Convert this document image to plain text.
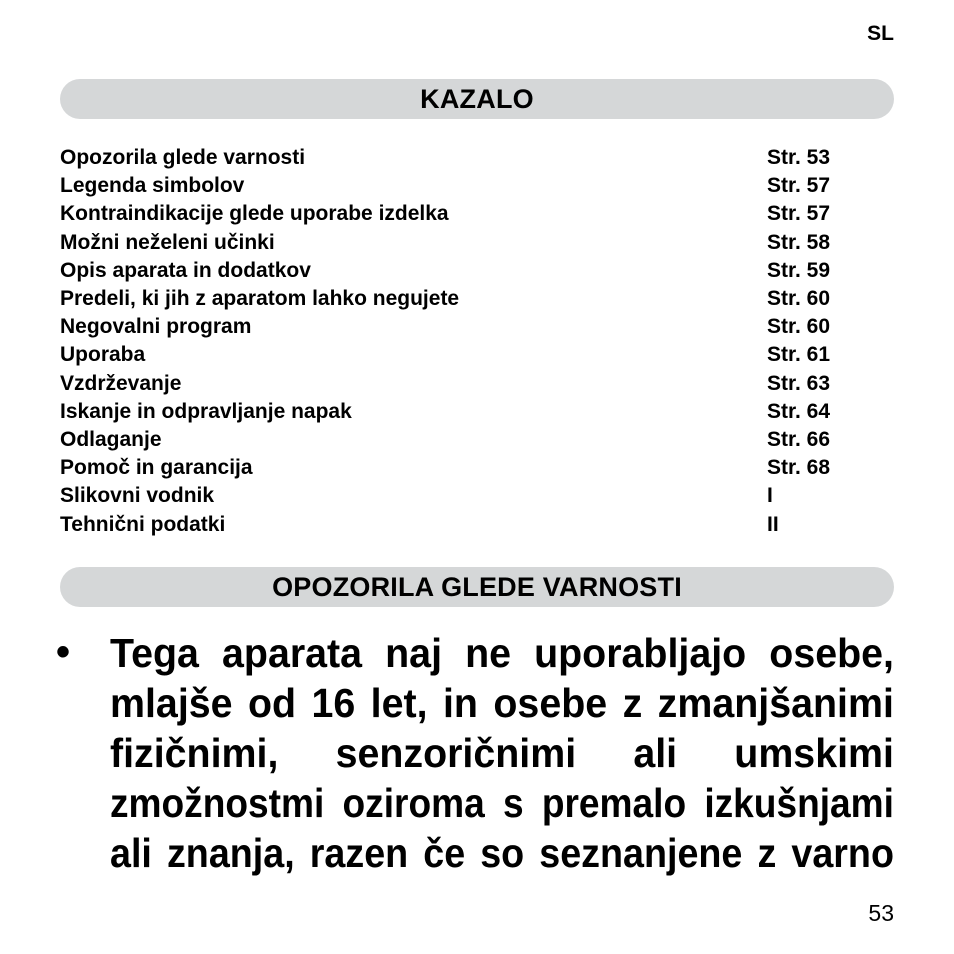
SL
KAZALO
Opozorila glede varnosti	Str. 53
Legenda simbolov	Str. 57
Kontraindikacije glede uporabe izdelka	Str. 57
Možni neželeni učinki	Str. 58
Opis aparata in dodatkov	Str. 59
Predeli, ki jih z aparatom lahko negujete	Str. 60
Negovalni program	Str. 60
Uporaba	Str. 61
Vzdrževanje	Str. 63
Iskanje in odpravljanje napak	Str. 64
Odlaganje	Str. 66
Pomoč in garancija	Str. 68
Slikovni vodnik	I
Tehnični podatki	II
OPOZORILA GLEDE VARNOSTI
• Tega aparata naj ne uporabljajo osebe,
mlajše od 16 let, in osebe z zmanjšanimi
fizičnimi, senzoričnimi ali umskimi
zmožnostmi oziroma s premalo izkušnjami
ali znanja, razen če so seznanjene z varno
53
